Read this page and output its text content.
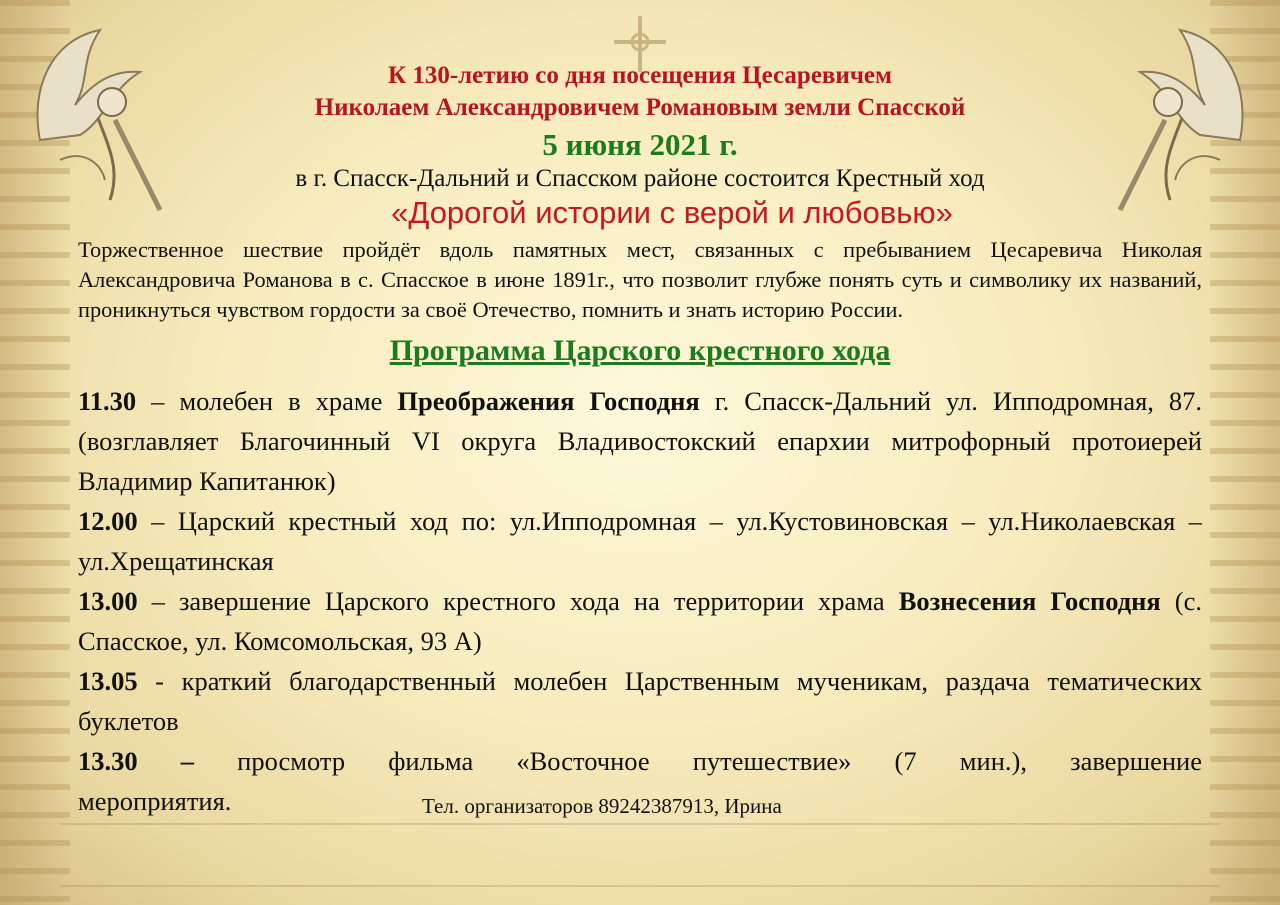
К 130-летию со дня посещения Цесаревичем
Николаем Александровичем Романовым земли Спасской
5 июня 2021 г.
в г. Спасск-Дальний и Спасском районе состоится Крестный ход
«Дорогой истории с верой и любовью»
Торжественное шествие пройдёт вдоль памятных мест, связанных с пребыванием Цесаревича Николая Александровича Романова в с. Спасское в июне 1891г., что позволит глубже понять суть и символику их названий, проникнуться чувством гордости за своё Отечество, помнить и знать историю России.
Программа Царского крестного хода
11.30 – молебен в храме Преображения Господня г. Спасск-Дальний ул. Ипподромная, 87. (возглавляет Благочинный VI округа Владивостокский епархии митрофорный протоиерей Владимир Капитанюк)
12.00 – Царский крестный ход по: ул.Ипподромная – ул.Кустовиновская – ул.Николаевская –ул.Хрещатинская
13.00 – завершение Царского крестного хода на территории храма Вознесения Господня (с. Спасское, ул. Комсомольская, 93 А)
13.05 - краткий благодарственный молебен Царственным мученикам, раздача тематических буклетов
13.30 – просмотр фильма «Восточное путешествие» (7 мин.), завершение
мероприятия.	Тел. организаторов 89242387913, Ирина
